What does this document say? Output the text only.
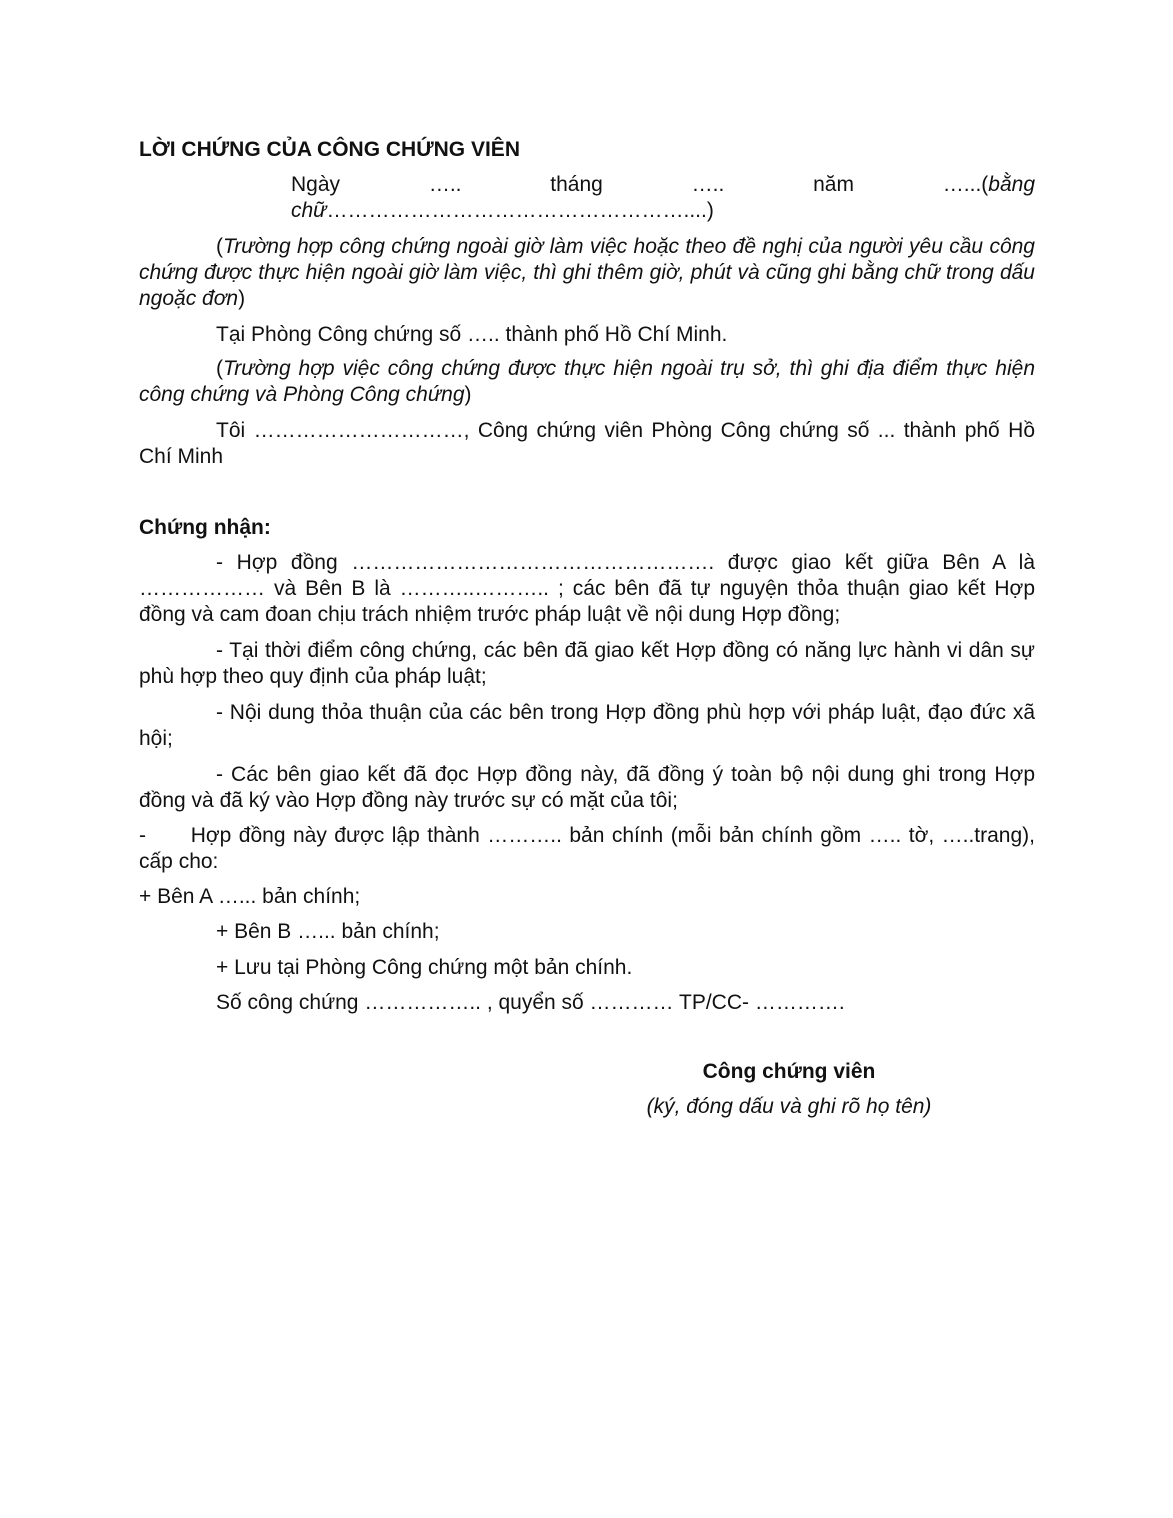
LỜI CHỨNG CỦA CÔNG CHỨNG VIÊN
Ngày	…..	tháng	…..	năm	…...(bằng chữ……………………………………………....)
(Trường hợp công chứng ngoài giờ làm việc hoặc theo đề nghị của người yêu cầu công chứng được thực hiện ngoài giờ làm việc, thì ghi thêm giờ, phút và cũng ghi bằng chữ trong dấu ngoặc đơn)
Tại Phòng Công chứng số ….. thành phố Hồ Chí Minh.
(Trường hợp việc công chứng được thực hiện ngoài trụ sở, thì ghi địa điểm thực hiện công chứng và Phòng Công chứng)
Tôi …………………………, Công chứng viên Phòng Công chứng số ... thành phố Hồ Chí Minh
Chứng nhận:
- Hợp đồng ……………………………………………. được giao kết giữa Bên A là ……………… và Bên B là ………..……….. ; các bên đã tự nguyện thỏa thuận giao kết Hợp đồng và cam đoan chịu trách nhiệm trước pháp luật về nội dung Hợp đồng;
- Tại thời điểm công chứng, các bên đã giao kết Hợp đồng có năng lực hành vi dân sự phù hợp theo quy định của pháp luật;
- Nội dung thỏa thuận của các bên trong Hợp đồng phù hợp với pháp luật, đạo đức xã hội;
- Các bên giao kết đã đọc Hợp đồng này, đã đồng ý toàn bộ nội dung ghi trong Hợp đồng và đã ký vào Hợp đồng này trước sự có mặt của tôi;
-      Hợp đồng này được lập thành ……….. bản chính (mỗi bản chính gồm ….. tờ, …..trang), cấp cho:
+ Bên A …... bản chính;
+ Bên B …... bản chính;
+ Lưu tại Phòng Công chứng một bản chính.
Số công chứng …………….. , quyển số ………… TP/CC- ………….
Công chứng viên
(ký, đóng dấu và ghi rõ họ tên)
